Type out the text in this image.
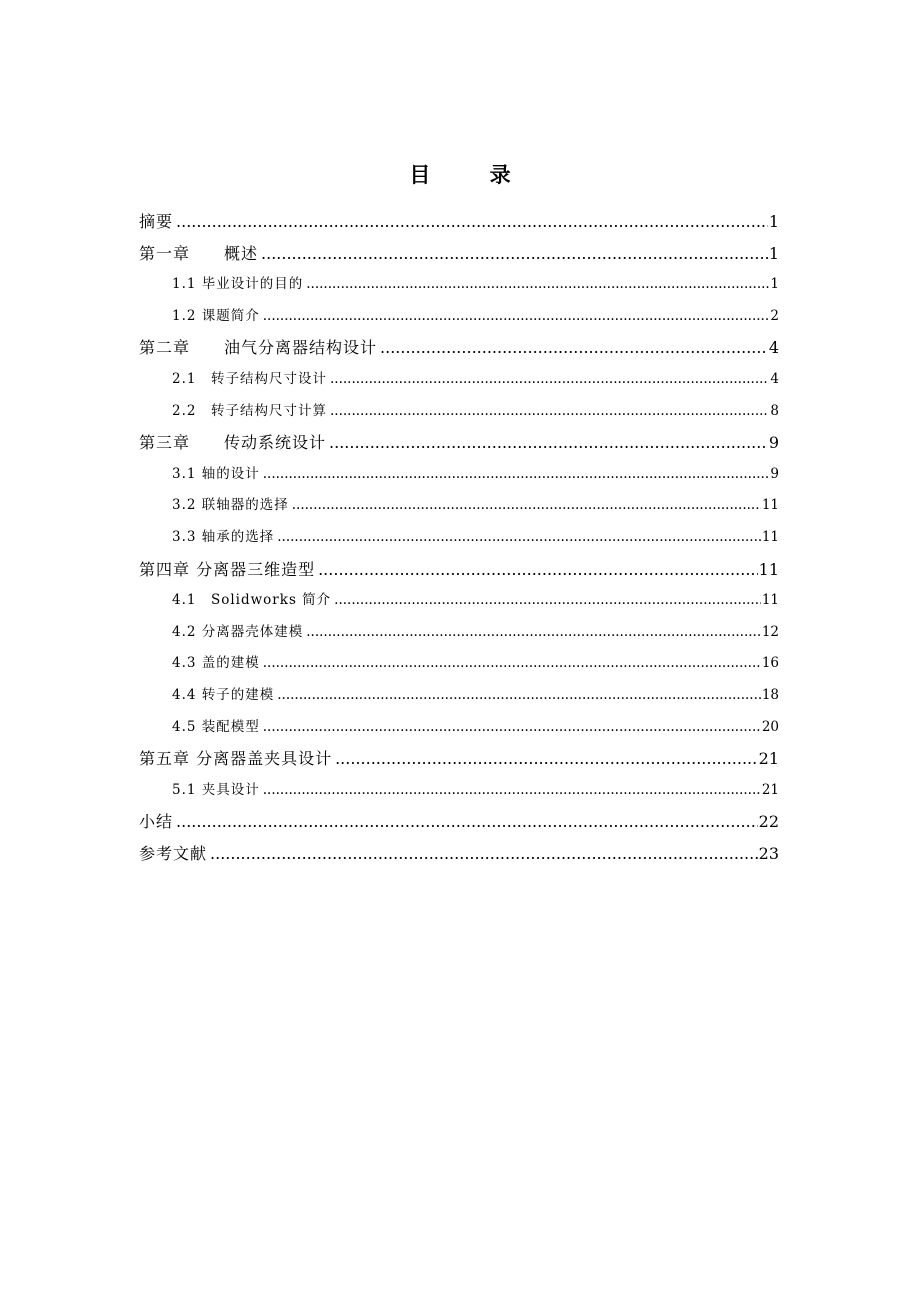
目 录
摘要 .....	1
第一章　　概述 .....	1
1.1 毕业设计的目的 .....	1
1.2 课题简介 .....	2
第二章　　油气分离器结构设计 .....	4
2.1　转子结构尺寸设计 .....	4
2.2　转子结构尺寸计算 .....	8
第三章　　传动系统设计 .....	9
3.1 轴的设计 .....	9
3.2 联轴器的选择 .....	11
3.3 轴承的选择 .....	11
第四章 分离器三维造型 .....	11
4.1　Solidworks 简介 .....	11
4.2 分离器壳体建模 .....	12
4.3 盖的建模 .....	16
4.4 转子的建模 .....	18
4.5 装配模型 .....	20
第五章 分离器盖夹具设计 .....	21
5.1 夹具设计 .....	21
小结 .....	22
参考文献 .....	23
